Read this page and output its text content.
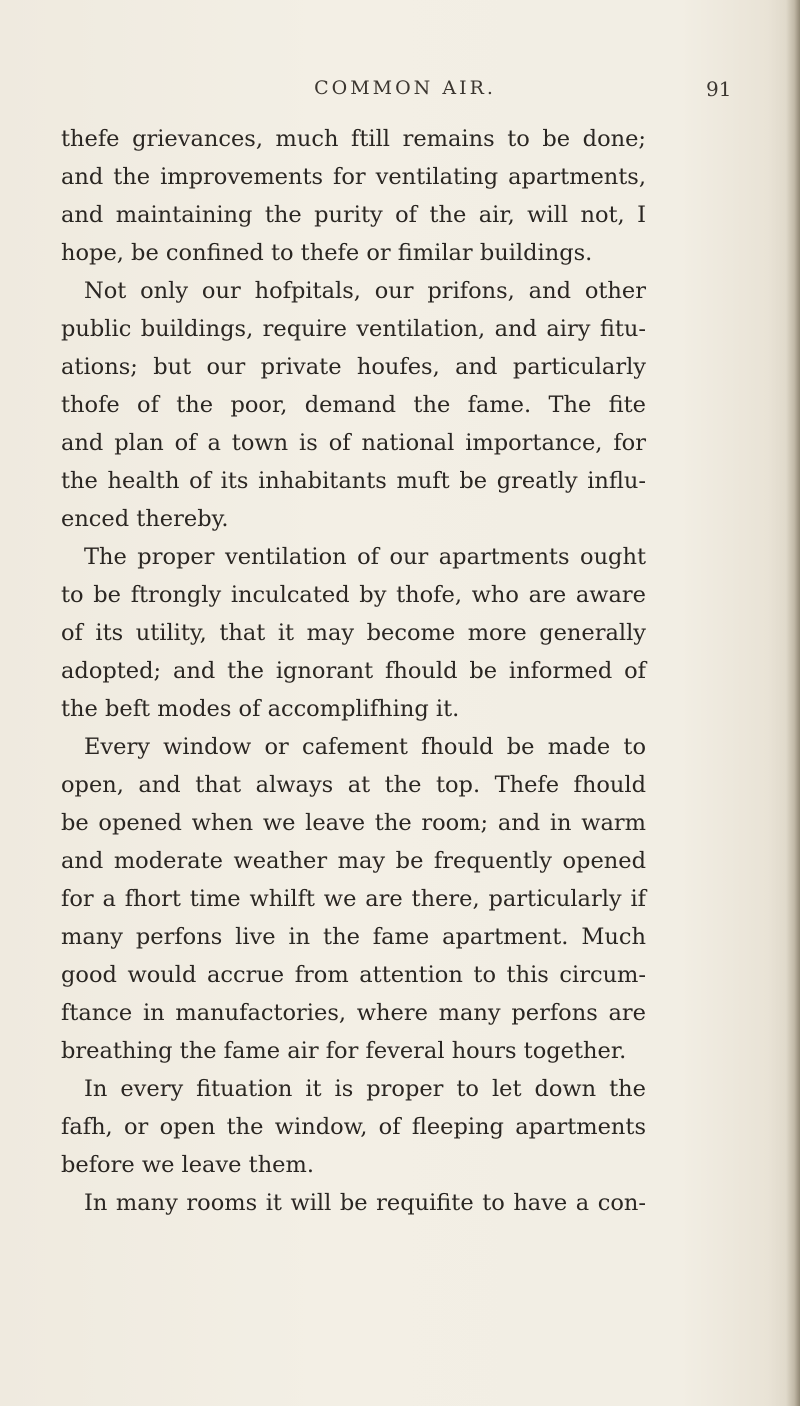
COMMON AIR.	91
thefe grievances, much ftill remains to be done;
and the improvements for ventilating apartments,
and maintaining the purity of the air, will not, I
hope, be confined to thefe or fimilar buildings.
Not only our hofpitals, our prifons, and other
public buildings, require ventilation, and airy fitu-
ations; but our private houfes, and particularly
thofe of the poor, demand the fame. The fite
and plan of a town is of national importance, for
the health of its inhabitants muft be greatly influ-
enced thereby.
The proper ventilation of our apartments ought
to be ftrongly inculcated by thofe, who are aware
of its utility, that it may become more generally
adopted; and the ignorant fhould be informed of
the beft modes of accomplifhing it.
Every window or cafement fhould be made to
open, and that always at the top. Thefe fhould
be opened when we leave the room; and in warm
and moderate weather may be frequently opened
for a fhort time whilft we are there, particularly if
many perfons live in the fame apartment. Much
good would accrue from attention to this circum-
ftance in manufactories, where many perfons are
breathing the fame air for feveral hours together.
In every fituation it is proper to let down the
fafh, or open the window, of fleeping apartments
before we leave them.
In many rooms it will be requifite to have a con-
